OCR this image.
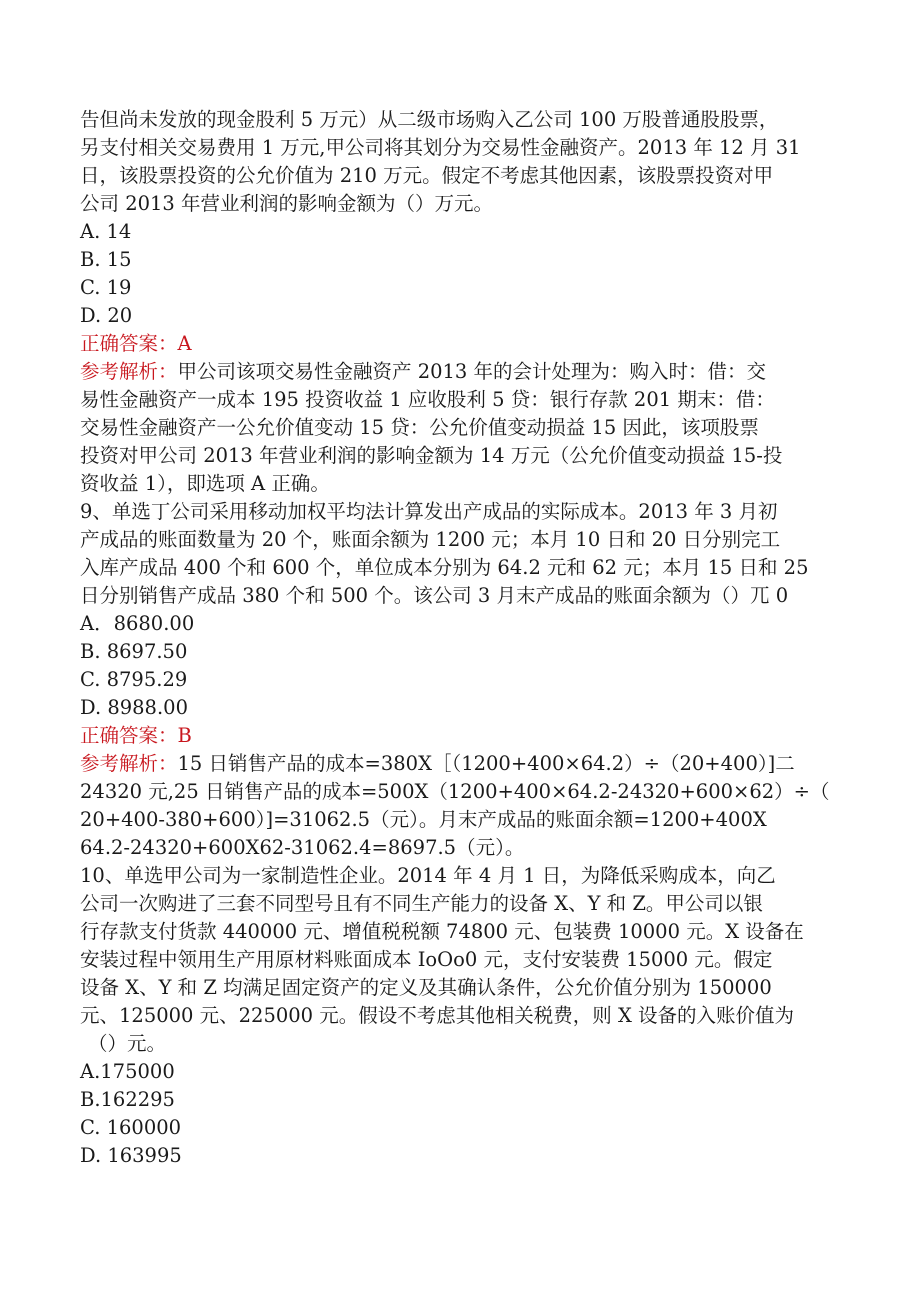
告但尚未发放的现金股利 5 万元）从二级市场购入乙公司 100 万股普通股股票，
另支付相关交易费用 1 万元,甲公司将其划分为交易性金融资产。2013 年 12 月 31
日，该股票投资的公允价值为 210 万元。假定不考虑其他因素，该股票投资对甲
公司 2013 年营业利润的影响金额为（）万元。
A. 14
B. 15
C. 19
D. 20
正确答案：A
参考解析：甲公司该项交易性金融资产 2013 年的会计处理为：购入时：借：交
易性金融资产一成本 195 投资收益 1 应收股利 5 贷：银行存款 201 期末：借：
交易性金融资产一公允价值变动 15 贷：公允价值变动损益 15 因此，该项股票
投资对甲公司 2013 年营业利润的影响金额为 14 万元（公允价值变动损益 15-投
资收益 1），即选项 A 正确。
9、单选丁公司采用移动加权平均法计算发出产成品的实际成本。2013 年 3 月初
产成品的账面数量为 20 个，账面余额为 1200 元；本月 10 日和 20 日分别完工
入库产成品 400 个和 600 个，单位成本分别为 64.2 元和 62 元；本月 15 日和 25
日分别销售产成品 380 个和 500 个。该公司 3 月末产成品的账面余额为（）兀 0
A．8680.00
B. 8697.50
C. 8795.29
D. 8988.00
正确答案：B
参考解析：15 日销售产品的成本=380X［（1200+400×64.2）÷（20+400）]二
24320 元,25 日销售产品的成本=500X（1200+400×64.2-24320+600×62）÷（
20+400-380+600）]=31062.5（元）。月末产成品的账面余额=1200+400X
64.2-24320+600X62-31062.4=8697.5（元）。
10、单选甲公司为一家制造性企业。2014 年 4 月 1 日，为降低采购成本，向乙
公司一次购进了三套不同型号且有不同生产能力的设备 X、Y 和 Z。甲公司以银
行存款支付货款 440000 元、增值税税额 74800 元、包装费 10000 元。X 设备在
安装过程中领用生产用原材料账面成本 IoOo0 元，支付安装费 15000 元。假定
设备 X、Y 和 Z 均满足固定资产的定义及其确认条件，公允价值分别为 150000
元、125000 元、225000 元。假设不考虑其他相关税费，则 X 设备的入账价值为
（）元。
A.175000
B.162295
C. 160000
D. 163995
